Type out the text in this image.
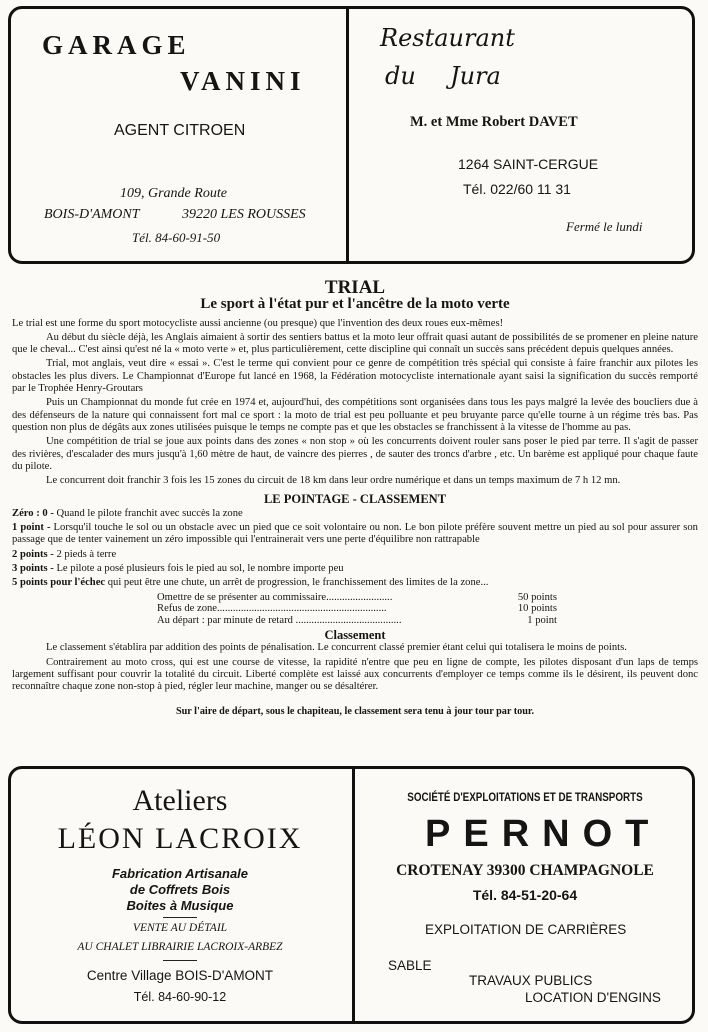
GARAGE
VANINI
AGENT CITROEN
109, Grande Route
BOIS-D'AMONT	39220 LES ROUSSES
Tél. 84-60-91-50
Restaurant
du Jura
M. et Mme Robert DAVET
1264 SAINT-CERGUE
Tél. 022/60 11 31
Fermé le lundi
TRIAL
Le sport à l'état pur et l'ancêtre de la moto verte

Le trial est une forme du sport motocycliste aussi ancienne (ou presque) que l'invention des deux roues eux-mêmes!

Au début du siècle déjà, les Anglais aimaient à sortir des sentiers battus et la moto leur offrait quasi autant de possibilités de se promener en pleine nature que le cheval... C'est ainsi qu'est né la « moto verte » et, plus particulièrement, cette discipline qui connaît un succès sans précédent depuis quelques années.

Trial, mot anglais, veut dire « essai ». C'est le terme qui convient pour ce genre de compétition très spécial qui consiste à faire franchir aux pilotes les obstacles les plus divers. Le Championnat d'Europe fut lancé en 1968, la Fédération motocycliste internationale ayant saisi la signification du succès remporté par le Trophée Henry-Groutars

Puis un Championnat du monde fut crée en 1974 et, aujourd'hui, des compétitions sont organisées dans tous les pays malgré la levée des boucliers due à des défenseurs de la nature qui connaissent fort mal ce sport : la moto de trial est peu polluante et peu bruyante parce qu'elle tourne à un régime très bas. Pas question non plus de dégâts aux zones utilisées puisque le temps ne compte pas et que les obstacles se franchissent à la vitesse de l'homme au pas.

Une compétition de trial se joue aux points dans des zones « non stop » où les concurrents doivent rouler sans poser le pied par terre. Il s'agit de passer des rivières, d'escalader des murs jusqu'à 1,60 mètre de haut, de vaincre des pierres , de sauter des troncs d'arbre , etc. Un barème est appliqué pour chaque faute du pilote.

Le concurrent doit franchir 3 fois les 15 zones du circuit de 18 km dans leur ordre numérique et dans un temps maximum de 7 h 12 mn.

LE POINTAGE - CLASSEMENT

Zéro : 0 - Quand le pilote franchit avec succès la zone

1 point - Lorsqu'il touche le sol ou un obstacle avec un pied que ce soit volontaire ou non. Le bon pilote préfère souvent mettre un pied au sol pour assurer son passage que de tenter vainement un zéro impossible qui l'entrainerait vers une perte d'équilibre non rattrapable

2 points - 2 pieds à terre

3 points - Le pilote a posé plusieurs fois le pied au sol, le nombre importe peu

5 points pour l'échec qui peut être une chute, un arrêt de progression, le franchissement des limites de la zone...

Omettre de se présenter au commissaire.........................	50 points
Refus de zone................................................................	10 points
Au départ : par minute de retard ........................................	1 point
Classement

Le classement s'établira par addition des points de pénalisation. Le concurrent classé premier étant celui qui totalisera le moins de points.

Contrairement au moto cross, qui est une course de vitesse, la rapidité n'entre que peu en ligne de compte, les pilotes disposant d'un laps de temps largement suffisant pour couvrir la totalité du circuit. Liberté complète est laissé aux concurrents d'employer ce temps comme ils le désirent, ils peuvent donc reconnaître chaque zone non-stop à pied, régler leur machine, manger ou se désaltérer.

Sur l'aire de départ, sous le chapiteau, le classement sera tenu à jour tour par tour.
Ateliers
LÉON LACROIX
Fabrication Artisanale
de Coffrets Bois
Boites à Musique
VENTE AU DÉTAIL
AU CHALET LIBRAIRIE LACROIX-ARBEZ
Centre Village BOIS-D'AMONT
Tél. 84-60-90-12
SOCIÉTÉ D'EXPLOITATIONS ET DE TRANSPORTS
PERNOT
CROTENAY 39300 CHAMPAGNOLE
Tél. 84-51-20-64
EXPLOITATION DE CARRIÈRES
SABLE
TRAVAUX PUBLICS
LOCATION D'ENGINS
